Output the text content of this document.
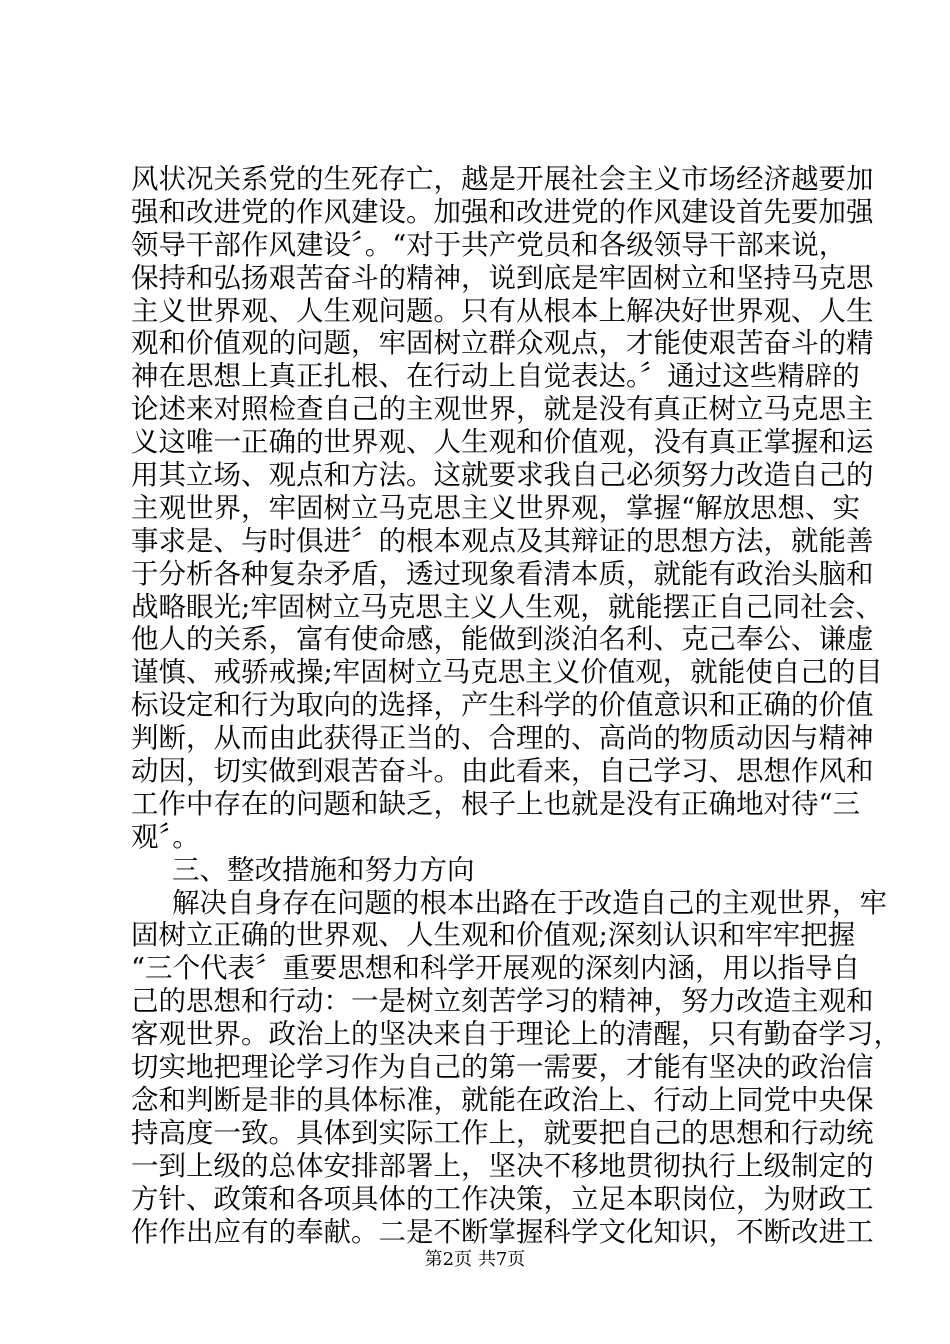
风状况关系党的生死存亡，越是开展社会主义市场经济越要加
强和改进党的作风建设。加强和改进党的作风建设首先要加强
领导干部作风建设〞。“对于共产党员和各级领导干部来说，
保持和弘扬艰苦奋斗的精神，说到底是牢固树立和坚持马克思
主义世界观、人生观问题。只有从根本上解决好世界观、人生
观和价值观的问题，牢固树立群众观点，才能使艰苦奋斗的精
神在思想上真正扎根、在行动上自觉表达。〞通过这些精辟的
论述来对照检查自己的主观世界，就是没有真正树立马克思主
义这唯一正确的世界观、人生观和价值观，没有真正掌握和运
用其立场、观点和方法。这就要求我自己必须努力改造自己的
主观世界，牢固树立马克思主义世界观，掌握“解放思想、实
事求是、与时俱进〞的根本观点及其辩证的思想方法，就能善
于分析各种复杂矛盾，透过现象看清本质，就能有政治头脑和
战略眼光;牢固树立马克思主义人生观，就能摆正自己同社会、
他人的关系，富有使命感，能做到淡泊名利、克己奉公、谦虚
谨慎、戒骄戒操;牢固树立马克思主义价值观，就能使自己的目
标设定和行为取向的选择，产生科学的价值意识和正确的价值
判断，从而由此获得正当的、合理的、高尚的物质动因与精神
动因，切实做到艰苦奋斗。由此看来，自己学习、思想作风和
工作中存在的问题和缺乏，根子上也就是没有正确地对待“三
观〞。
三、整改措施和努力方向
解决自身存在问题的根本出路在于改造自己的主观世界，牢
固树立正确的世界观、人生观和价值观;深刻认识和牢牢把握
“三个代表〞重要思想和科学开展观的深刻内涵，用以指导自
己的思想和行动：一是树立刻苦学习的精神，努力改造主观和
客观世界。政治上的坚决来自于理论上的清醒，只有勤奋学习，
切实地把理论学习作为自己的第一需要，才能有坚决的政治信
念和判断是非的具体标准，就能在政治上、行动上同党中央保
持高度一致。具体到实际工作上，就要把自己的思想和行动统
一到上级的总体安排部署上，坚决不移地贯彻执行上级制定的
方针、政策和各项具体的工作决策，立足本职岗位，为财政工
作作出应有的奉献。二是不断掌握科学文化知识，不断改进工
第2页 共7页
